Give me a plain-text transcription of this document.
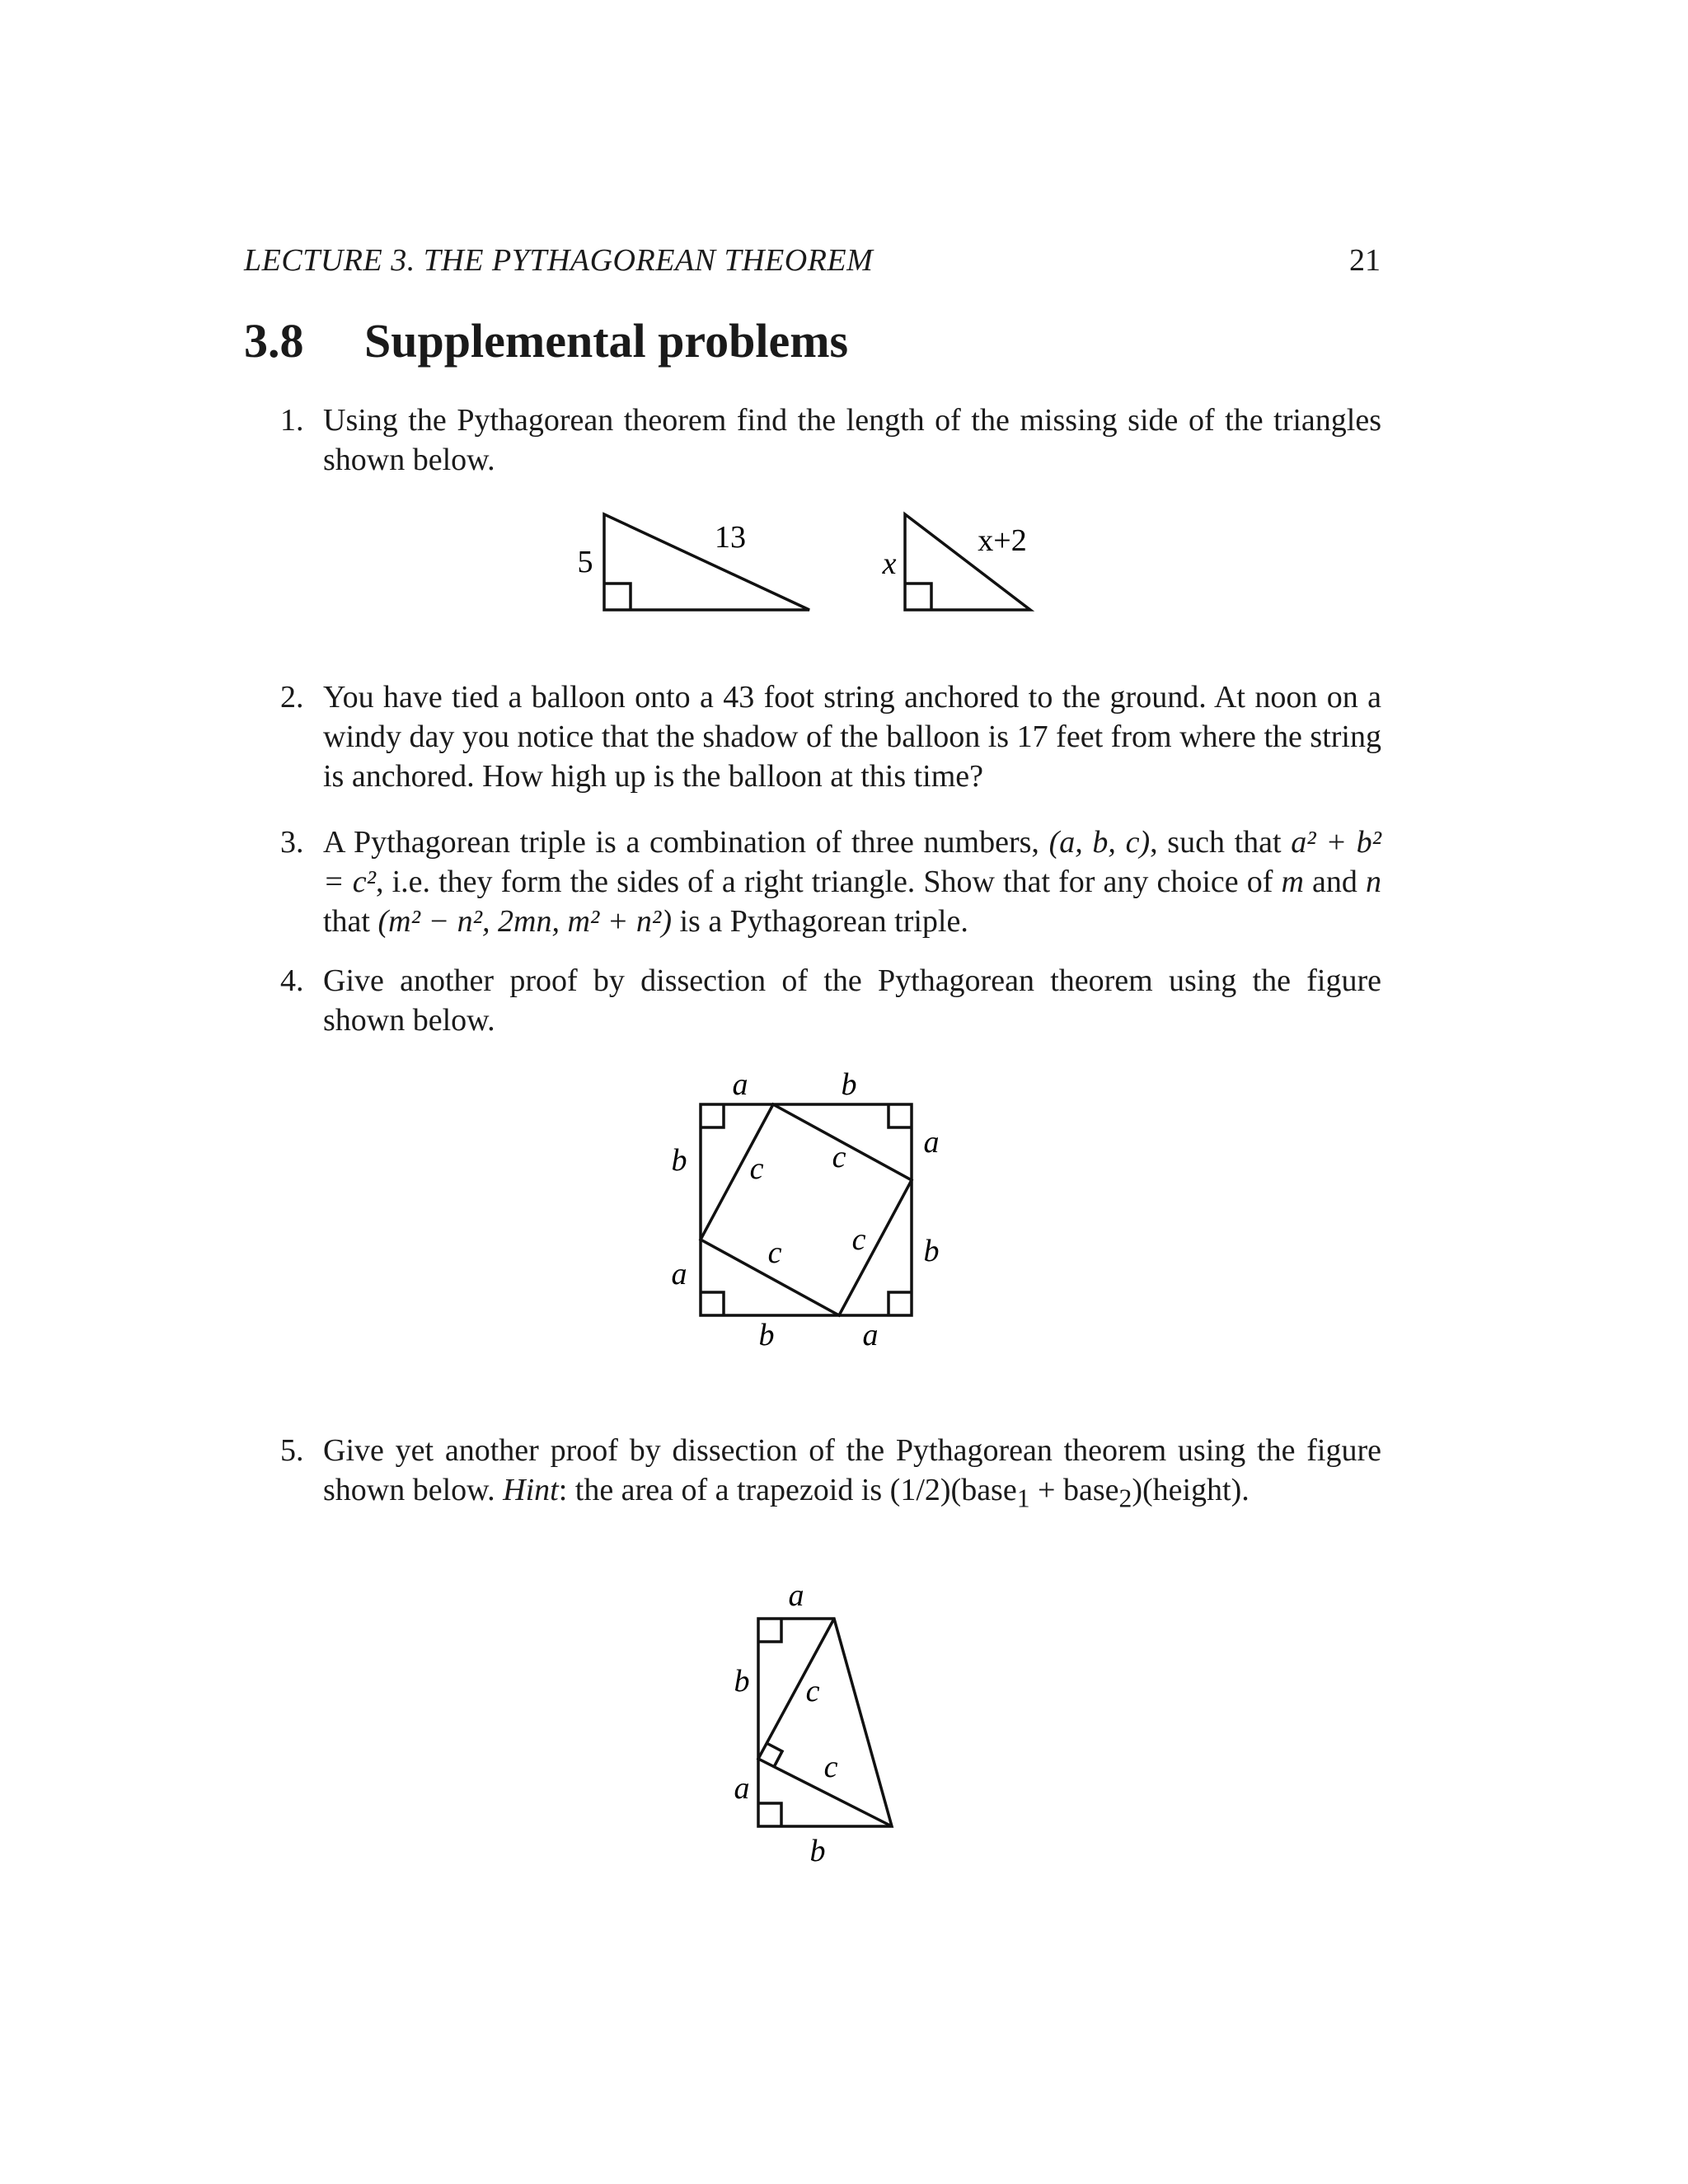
LECTURE 3. THE PYTHAGOREAN THEOREM	21
3.8 Supplemental problems
1. Using the Pythagorean theorem find the length of the missing side of the triangles shown below.
5
13
x
x+2
2. You have tied a balloon onto a 43 foot string anchored to the ground. At noon on a windy day you notice that the shadow of the balloon is 17 feet from where the string is anchored. How high up is the balloon at this time?
3. A Pythagorean triple is a combination of three numbers, (a, b, c), such that a² + b² = c², i.e. they form the sides of a right triangle. Show that for any choice of m and n that (m² − n², 2mn, m² + n²) is a Pythagorean triple.
4. Give another proof by dissection of the Pythagorean theorem using the figure shown below.
a	b
b
a
a
b
b	a
c c
c
c
5. Give yet another proof by dissection of the Pythagorean theorem using the figure shown below. Hint: the area of a trapezoid is (1/2)(base$_1$ + base$_2$)(height).
a
b
a
b
c
c
